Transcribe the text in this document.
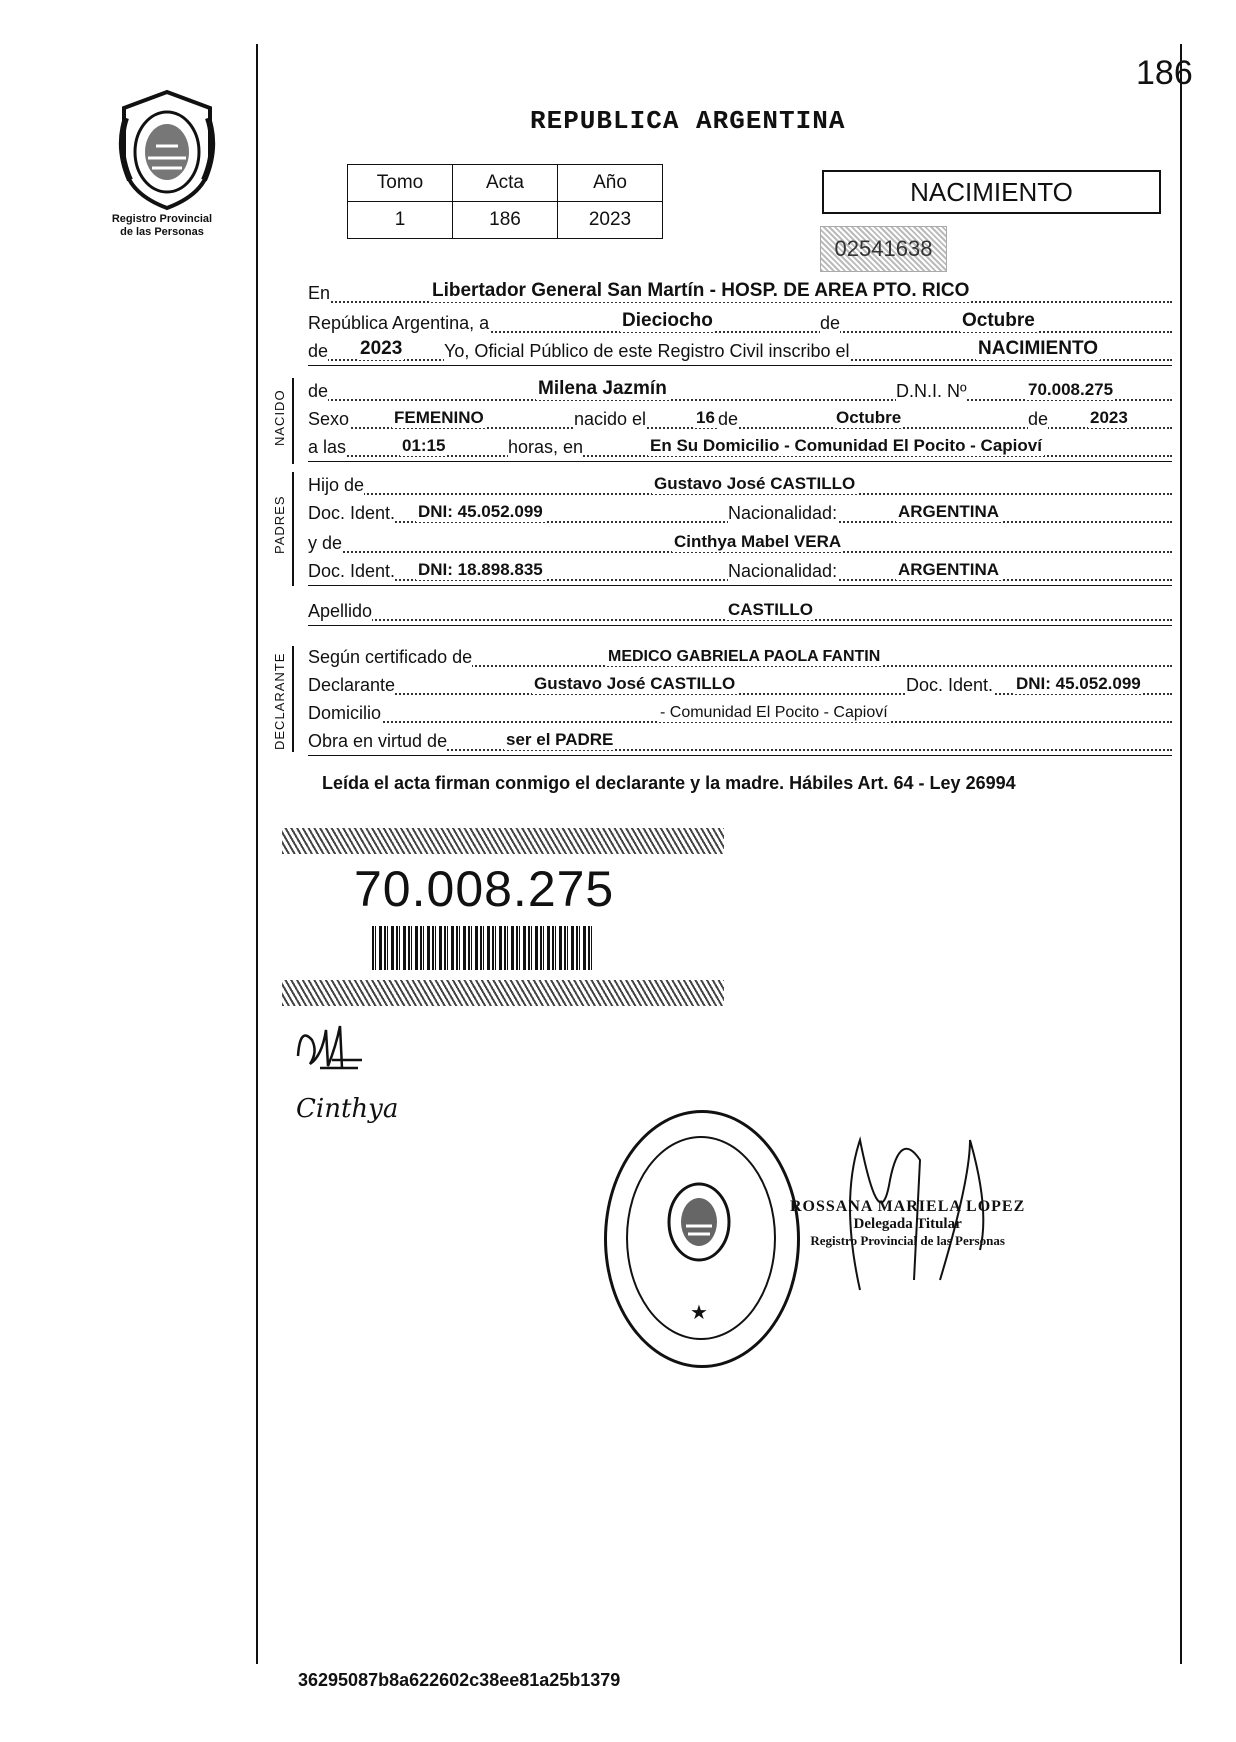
Registro Provincial
de las Personas
186
REPUBLICA ARGENTINA
Tomo	Acta	Año
1	186	2023
NACIMIENTO
02541638
En	Libertador General San Martín - HOSP. DE AREA PTO. RICO
República Argentina, a	Dieciocho	de	Octubre
de 2023 Yo, Oficial Público de este Registro Civil inscribo el	NACIMIENTO
NACIDO de	Milena Jazmín	D.N.I. Nº	70.008.275
Sexo	FEMENINO	nacido el	16 de	Octubre	de 2023
a las	01:15	horas, en	En Su Domicilio - Comunidad El Pocito - Capioví
PADRES
Hijo de	Gustavo José CASTILLO
Doc. Ident. DNI: 45.052.099	Nacionalidad:	ARGENTINA
y de	Cinthya Mabel VERA
Doc. Ident. DNI: 18.898.835	Nacionalidad:	ARGENTINA
Apellido	CASTILLO
DECLARANTE Según certificado de	MEDICO GABRIELA PAOLA FANTIN
Declarante	Gustavo José CASTILLO	Doc. Ident. DNI: 45.052.099
Domicilio	- Comunidad El Pocito - Capioví
Obra en virtud de	ser el PADRE
Leída el acta firman conmigo el declarante y la madre. Hábiles Art. 64 - Ley 26994
70.008.275
Cinthya
★
ROSSANA MARIELA LOPEZ
Delegada Titular
Registro Provincial de las Personas
36295087b8a622602c38ee81a25b1379
